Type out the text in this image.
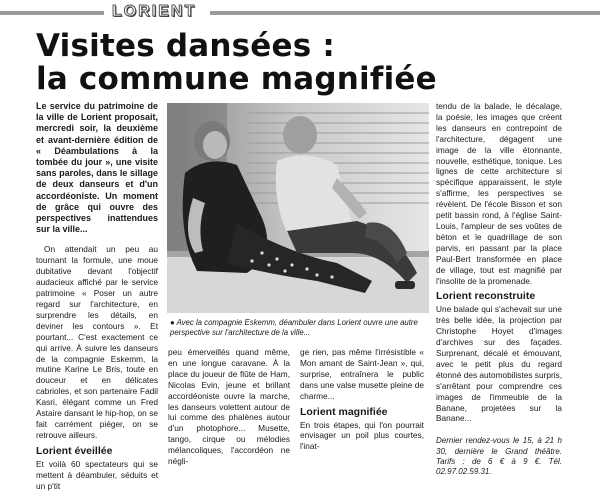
LORIENT
Visites dansées :
la commune magnifiée

Le service du patrimoine de la ville de Lorient proposait, mercredi soir, la deuxième et avant-dernière édition de « Déambulations à la tombée du jour », une visite sans paroles, dans le sillage de deux danseurs et d'un accordéoniste. Un moment de grâce qui ouvre des perspectives inattendues sur la ville...

On attendait un peu au tournant la formule, une moue dubitative devant l'objectif audacieux affiché par le service patrimoine « Poser un autre regard sur l'architecture, en surprendre les détails, en deviner les contours ». Et pourtant... C'est exactement ce qui arrive. À suivre les danseurs de la compagnie Eskemm, la mutine Karine Le Bris, toute en douceur et en délicates cabrioles, et son partenaire Fadil Kasri, élégant comme un Fred Astaire dansant le hip-hop, on se fait carrément piéger, on se retrouve ailleurs.

Lorient éveillée

Et voilà 60 spectateurs qui se mettent à déambuler, séduits et un p'tit

● Avec la compagnie Eskemm, déambuler dans Lorient ouvre une autre perspective sur l'architecture de la ville...

peu émerveillés quand même, en une longue caravane. À la place du joueur de flûte de Ham, Nicolas Evin, jeune et brillant accordéoniste ouvre la marche, les danseurs volettent autour de lui comme des phalènes autour d'un photophore... Musette, tango, cirque ou mélodies mélancoliques, l'accordéon ne négli-

ge rien, pas même l'irrésistible « Mon amant de Saint-Jean », qui, surprise, entraînera le public dans une valse musette pleine de charme...

Lorient magnifiée

En trois étapes, qui l'on pourrait envisager un poil plus courtes, l'inat-

tendu de la balade, le décalage, la poésie, les images que créent les danseurs en contrepoint de l'architecture, dégagent une image de la ville étonnante, nouvelle, esthétique, tonique. Les lignes de cette architecture si spécifique apparaissent, le style s'affirme, les perspectives se révèlent. De l'école Bisson et son petit bassin rond, à l'église Saint-Louis, l'ampleur de ses voûtes de béton et le quadrillage de son parvis, en passant par la place Paul-Bert transformée en place de village, tout est magnifié par l'insolite de la promenade.

Lorient reconstruite

Une balade qui s'achevait sur une très belle idée, la projection par Christophe Hoyet d'images d'archives sur des façades. Surprenant, décalé et émouvant, avec le petit plus du regard étonné des automobilistes surpris, s'arrêtant pour comprendre ces images de l'immeuble de la Banane, projetées sur la Banane...

Dernier rendez-vous le 15, à 21 h 30, dernière le Grand théâtre. Tarifs : de 6 € à 9 €. Tél. 02.97.02.59.31.
